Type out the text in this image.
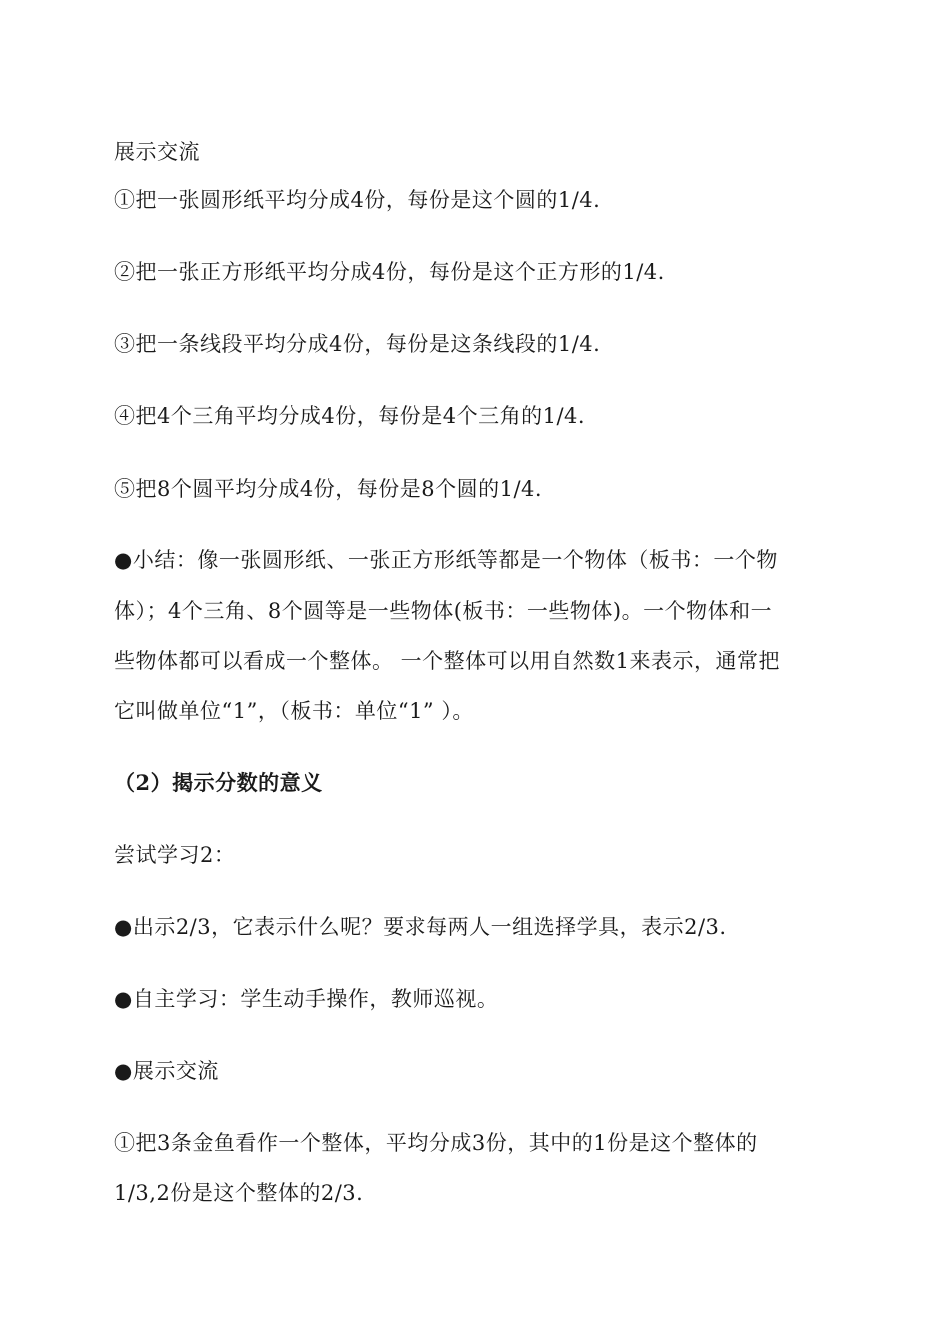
展示交流
①把一张圆形纸平均分成4份，每份是这个圆的1/4.
②把一张正方形纸平均分成4份，每份是这个正方形的1/4.
③把一条线段平均分成4份，每份是这条线段的1/4.
④把4个三角平均分成4份，每份是4个三角的1/4.
⑤把8个圆平均分成4份，每份是8个圆的1/4.
●小结：像一张圆形纸、一张正方形纸等都是一个物体（板书：一个物
体）；4个三角、8个圆等是一些物体(板书：一些物体)。一个物体和一
些物体都可以看成一个整体。 一个整体可以用自然数1来表示，通常把
它叫做单位“1”，（板书：单位“1” ）。
（2）揭示分数的意义
尝试学习2：
●出示2/3，它表示什么呢？要求每两人一组选择学具，表示2/3.
●自主学习：学生动手操作，教师巡视。
●展示交流
①把3条金鱼看作一个整体，平均分成3份，其中的1份是这个整体的
1/3,2份是这个整体的2/3.
